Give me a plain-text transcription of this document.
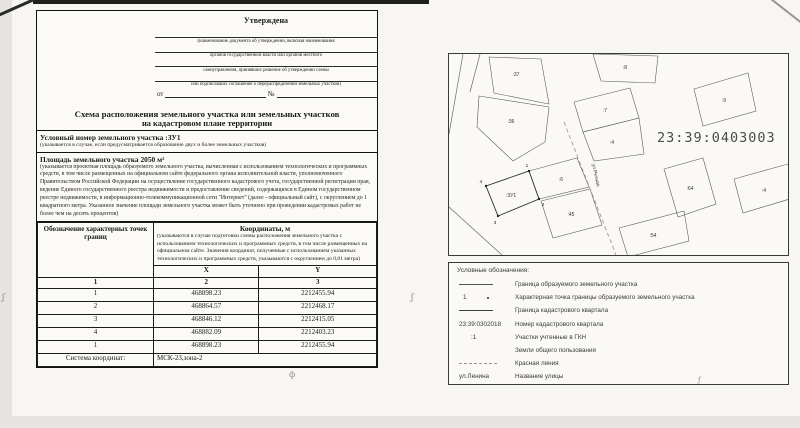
Утверждена
(наименование документа об утверждении, включая наименования
органов государственной власти или органов местного
самоуправления, принявших решение об утверждении схемы
или подписавших соглашение о перераспределении земельных участков)
от	№
Схема расположения земельного участка или земельных участков
на кадастровом плане территории
Условный номер земельного участка :ЗУ1
(указывается в случае, если предусматривается образование двух и более земельных участков)
Площадь земельного участка 2050 м²
(указывается проектная площадь образуемого земельного участка, вычисленная с использованием технологических и программных средств, в том числе размещенных на официальном сайте федерального органа исполнительной власти, уполномоченного Правительством Российской Федерации на осуществление государственного кадастрового учета, государственной регистрации прав, ведение Единого государственного реестра недвижимости и предоставление сведений, содержащихся в Едином государственном реестре недвижимости, в информационно-телекоммуникационной сети "Интернет" (далее - официальный сайт), с округлением до 1 квадратного метра. Указанное значение площади земельного участка может быть уточнено при проведении кадастровых работ не более чем на десять процентов)
Обозначение характерных точек границ	Координаты, м
(указываются в случае подготовки схемы расположения земельного участка с использованием технологических и программных средств, в том числе размещенных на официальном сайте. Значения координат, полученные с использованием указанных технологических и программных средств, указываются с округлением до 0,01 метра)	

	X	Y
1	2	3
1	468898.23	2212455.94
2	468864.57	2212468.17
3	468846.12	2212415.05
4	468882.09	2212403.23
1	468898.23	2212455.94
Система координат:	МСК-23,зона-2	
:37
:36
:8
:7
:4
:9
:6
:45
:64
:54
:4
:ЗУ1
1
2
3
4	ул.Речная
23:39:0403003
Условные обозначения:
Граница образуемого земельного участка
1	Характерная точка границы образуемого земельного участка
Граница кадастрового квартала
23:39:0302018	Номер кадастрового квартала
:1	Участки учтенные в ГКН
Земли общего пользования
Красная линия
ул.Ленина	Название улицы
ʃ	ʃ
ф
ƒ
